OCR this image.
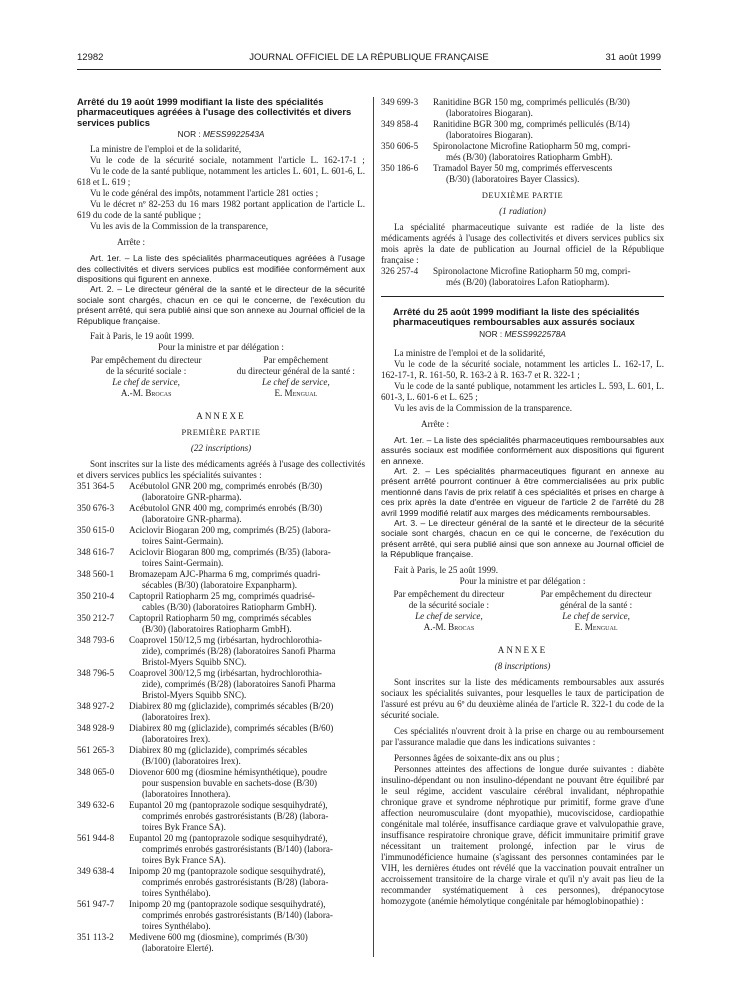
12982	JOURNAL OFFICIEL DE LA RÉPUBLIQUE FRANÇAISE	31 août 1999
Arrêté du 19 août 1999 modifiant la liste des spécialités pharmaceutiques agréées à l'usage des collectivités et divers services publics
NOR : MESS9922543A

La ministre de l'emploi et de la solidarité,

Vu le code de la sécurité sociale, notamment l'article L. 162-17-1 ;

Vu le code de la santé publique, notamment les articles L. 601, L. 601-6, L. 618 et L. 619 ;

Vu le code général des impôts, notamment l'article 281 octies ;

Vu le décret nº 82-253 du 16 mars 1982 portant application de l'article L. 619 du code de la santé publique ;

Vu les avis de la Commission de la transparence,

Arrête :

Art. 1er. – La liste des spécialités pharmaceutiques agréées à l'usage des collectivités et divers services publics est modifiée conformément aux dispositions qui figurent en annexe.

Art. 2. – Le directeur général de la santé et le directeur de la sécurité sociale sont chargés, chacun en ce qui le concerne, de l'exécution du présent arrêté, qui sera publié ainsi que son annexe au Journal officiel de la République française.

Fait à Paris, le 19 août 1999.

Pour la ministre et par délégation :

Par empêchement du directeur
de la sécurité sociale :
Le chef de service,
A.-M. Brocas
Par empêchement
du directeur général de la santé :
Le chef de service,
E. Mengual
ANNEXE

PREMIÈRE PARTIE

(22 inscriptions)

Sont inscrites sur la liste des médicaments agréés à l'usage des collectivités et divers services publics les spécialités suivantes :

351 364-5	Acébutolol GNR 200 mg, comprimés enrobés (B/30)
(laboratoire GNR-pharma).
350 676-3	Acébutolol GNR 400 mg, comprimés enrobés (B/30)
(laboratoire GNR-pharma).
350 615-0	Aciclovir Biogaran 200 mg, comprimés (B/25) (labora-
toires Saint-Germain).
348 616-7	Aciclovir Biogaran 800 mg, comprimés (B/35) (labora-
toires Saint-Germain).
348 560-1	Bromazepam AJC-Pharma 6 mg, comprimés quadri-
sécables (B/30) (laboratoire Expanpharm).
350 210-4	Captopril Ratiopharm 25 mg, comprimés quadrisé-
cables (B/30) (laboratoires Ratiopharm GmbH).
350 212-7	Captopril Ratiopharm 50 mg, comprimés sécables
(B/30) (laboratoires Ratiopharm GmbH).
348 793-6	Coaprovel 150/12,5 mg (irbésartan, hydrochlorothia-
zide), comprimés (B/28) (laboratoires Sanofi Pharma
Bristol-Myers Squibb SNC).
348 796-5	Coaprovel 300/12,5 mg (irbésartan, hydrochlorothia-
zide), comprimés (B/28) (laboratoires Sanofi Pharma
Bristol-Myers Squibb SNC).
348 927-2	Diabirex 80 mg (gliclazide), comprimés sécables (B/20)
(laboratoires Irex).
348 928-9	Diabirex 80 mg (gliclazide), comprimés sécables (B/60)
(laboratoires Irex).
561 265-3	Diabirex 80 mg (gliclazide), comprimés sécables
(B/100) (laboratoires Irex).
348 065-0	Diovenor 600 mg (diosmine hémisynthétique), poudre
pour suspension buvable en sachets-dose (B/30)
(laboratoires Innothera).
349 632-6	Eupantol 20 mg (pantoprazole sodique sesquihydraté),
comprimés enrobés gastrorésistants (B/28) (labora-
toires Byk France SA).
561 944-8	Eupantol 20 mg (pantoprazole sodique sesquihydraté),
comprimés enrobés gastrorésistants (B/140) (labora-
toires Byk France SA).
349 638-4	Inipomp 20 mg (pantoprazole sodique sesquihydraté),
comprimés enrobés gastrorésistants (B/28) (labora-
toires Synthélabo).
561 947-7	Inipomp 20 mg (pantoprazole sodique sesquihydraté),
comprimés enrobés gastrorésistants (B/140) (labora-
toires Synthélabo).
351 113-2	Medivene 600 mg (diosmine), comprimés (B/30)
(laboratoire Elerté).
349 699-3	Ranitidine BGR 150 mg, comprimés pelliculés (B/30)
(laboratoires Biogaran).
349 858-4	Ranitidine BGR 300 mg, comprimés pelliculés (B/14)
(laboratoires Biogaran).
350 606-5	Spironolactone Microfine Ratiopharm 50 mg, compri-
més (B/30) (laboratoires Ratiopharm GmbH).
350 186-6	Tramadol Bayer 50 mg, comprimés effervescents
(B/30) (laboratoires Bayer Classics).

DEUXIÈME PARTIE

(1 radiation)

La spécialité pharmaceutique suivante est radiée de la liste des médicaments agréés à l'usage des collectivités et divers services publics six mois après la date de publication au Journal officiel de la République française :

326 257-4	Spironolactone Microfine Ratiopharm 50 mg, compri-
més (B/20) (laboratoires Lafon Ratiopharm).
Arrêté du 25 août 1999 modifiant la liste des spécialités pharmaceutiques remboursables aux assurés sociaux
NOR : MESS9922578A

La ministre de l'emploi et de la solidarité,

Vu le code de la sécurité sociale, notamment les articles L. 162-17, L. 162-17-1, R. 161-50, R. 163-2 à R. 163-7 et R. 322-1 ;

Vu le code de la santé publique, notamment les articles L. 593, L. 601, L. 601-3, L. 601-6 et L. 625 ;

Vu les avis de la Commission de la transparence.

Arrête :

Art. 1er. – La liste des spécialités pharmaceutiques remboursables aux assurés sociaux est modifiée conformément aux dispositions qui figurent en annexe.

Art. 2. – Les spécialités pharmaceutiques figurant en annexe au présent arrêté pourront continuer à être commercialisées au prix public mentionné dans l'avis de prix relatif à ces spécialités et prises en charge à ces prix après la date d'entrée en vigueur de l'article 2 de l'arrêté du 28 avril 1999 modifié relatif aux marges des médicaments remboursables.

Art. 3. – Le directeur général de la santé et le directeur de la sécurité sociale sont chargés, chacun en ce qui le concerne, de l'exécution du présent arrêté, qui sera publié ainsi que son annexe au Journal officiel de la République française.

Fait à Paris, le 25 août 1999.

Pour la ministre et par délégation :

Par empêchement du directeur
de la sécurité sociale :
Le chef de service,
A.-M. Brocas
Par empêchement du directeur
général de la santé :
Le chef de service,
E. Mengual
ANNEXE

(8 inscriptions)

Sont inscrites sur la liste des médicaments remboursables aux assurés sociaux les spécialités suivantes, pour lesquelles le taux de participation de l'assuré est prévu au 6º du deuxième alinéa de l'article R. 322-1 du code de la sécurité sociale.

Ces spécialités n'ouvrent droit à la prise en charge ou au remboursement par l'assurance maladie que dans les indications suivantes :

Personnes âgées de soixante-dix ans ou plus ;

Personnes atteintes des affections de longue durée suivantes : diabète insulino-dépendant ou non insulino-dépendant ne pouvant être équilibré par le seul régime, accident vasculaire cérébral invalidant, néphropathie chronique grave et syndrome néphrotique pur primitif, forme grave d'une affection neuromusculaire (dont myopathie), mucoviscidose, cardiopathie congénitale mal tolérée, insuffisance cardiaque grave et valvulopathie grave, insuffisance respiratoire chronique grave, déficit immunitaire primitif grave nécessitant un traitement prolongé, infection par le virus de l'immunodéficience humaine (s'agissant des personnes contaminées par le VIH, les dernières études ont révélé que la vaccination pouvait entraîner un accroissement transitoire de la charge virale et qu'il n'y avait pas lieu de la recommander systématiquement à ces personnes), drépanocytose homozygote (anémie hémolytique congénitale par hémoglobinopathie) :
